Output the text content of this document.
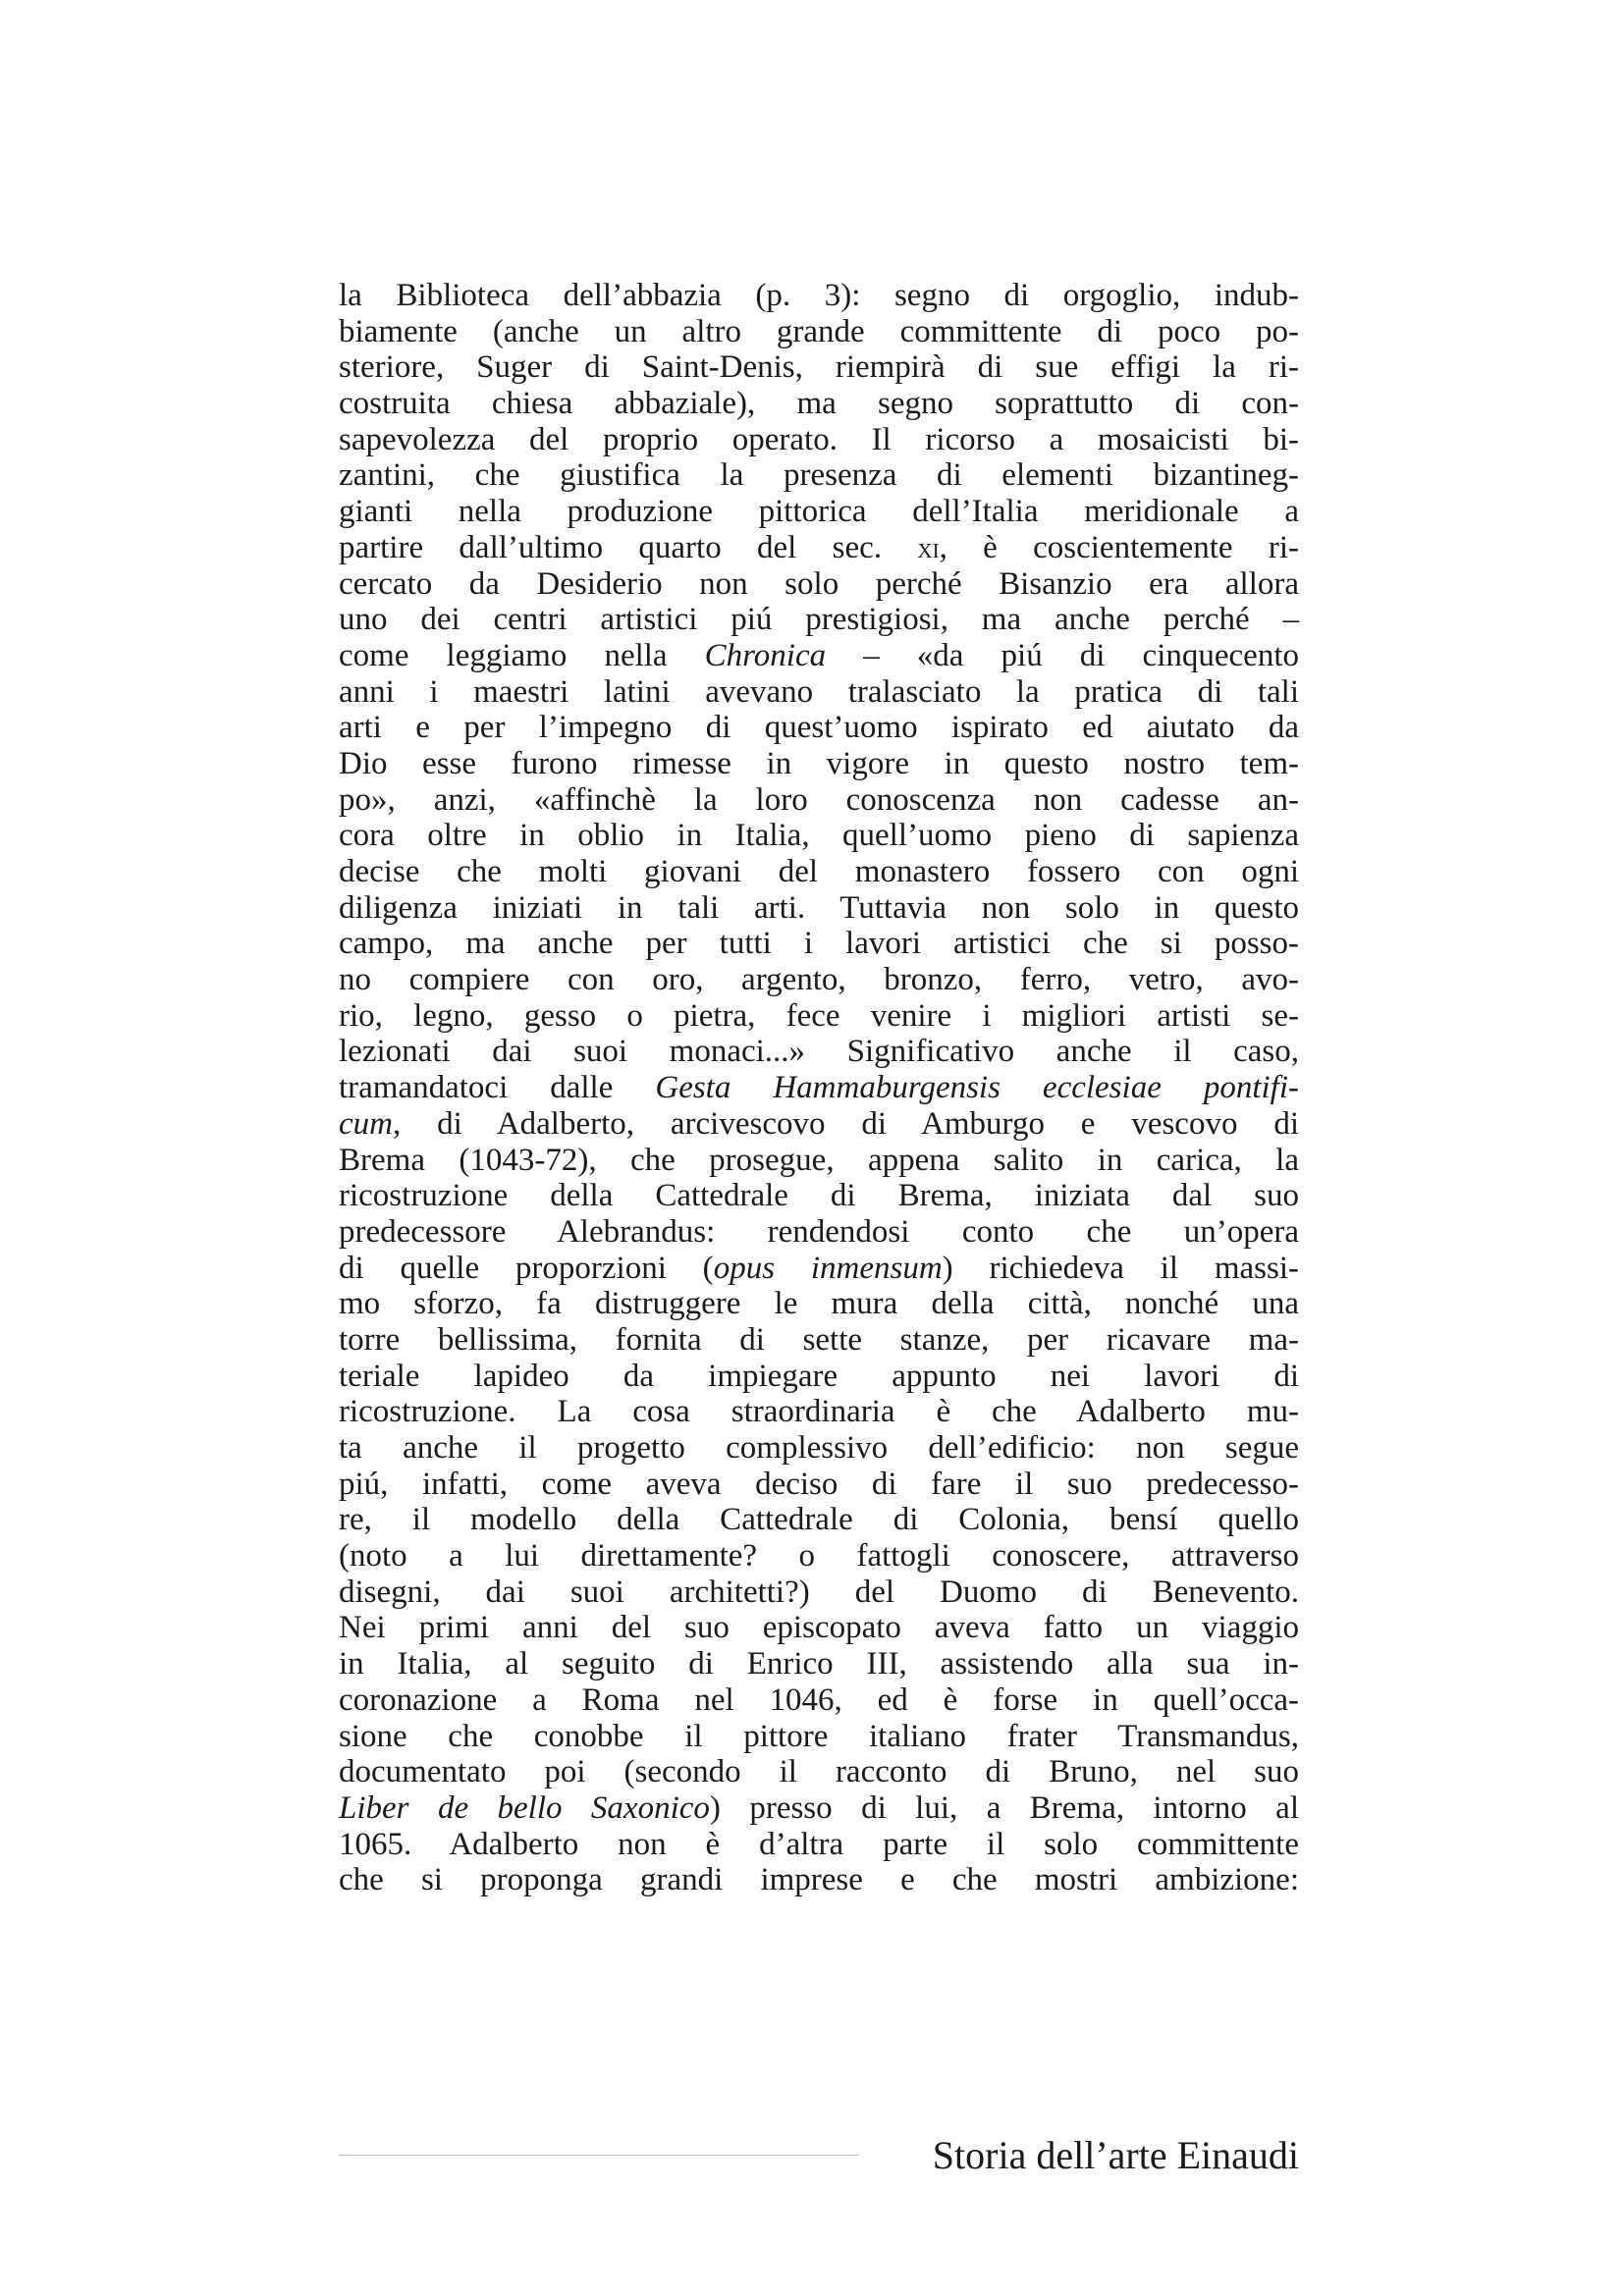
la Biblioteca dell’abbazia (p. 3): segno di orgoglio, indub-
biamente (anche un altro grande committente di poco po-
steriore, Suger di Saint-Denis, riempirà di sue effigi la ri-
costruita chiesa abbaziale), ma segno soprattutto di con-
sapevolezza del proprio operato. Il ricorso a mosaicisti bi-
zantini, che giustifica la presenza di elementi bizantineg-
gianti nella produzione pittorica dell’Italia meridionale a
partire dall’ultimo quarto del sec. xi, è coscientemente ri-
cercato da Desiderio non solo perché Bisanzio era allora
uno dei centri artistici piú prestigiosi, ma anche perché –
come leggiamo nella Chronica – «da piú di cinquecento
anni i maestri latini avevano tralasciato la pratica di tali
arti e per l’impegno di quest’uomo ispirato ed aiutato da
Dio esse furono rimesse in vigore in questo nostro tem-
po», anzi, «affinchè la loro conoscenza non cadesse an-
cora oltre in oblio in Italia, quell’uomo pieno di sapienza
decise che molti giovani del monastero fossero con ogni
diligenza iniziati in tali arti. Tuttavia non solo in questo
campo, ma anche per tutti i lavori artistici che si posso-
no compiere con oro, argento, bronzo, ferro, vetro, avo-
rio, legno, gesso o pietra, fece venire i migliori artisti se-
lezionati dai suoi monaci...» Significativo anche il caso,
tramandatoci dalle Gesta Hammaburgensis ecclesiae pontifi-
cum, di Adalberto, arcivescovo di Amburgo e vescovo di
Brema (1043-72), che prosegue, appena salito in carica, la
ricostruzione della Cattedrale di Brema, iniziata dal suo
predecessore Alebrandus: rendendosi conto che un’opera
di quelle proporzioni (opus inmensum) richiedeva il massi-
mo sforzo, fa distruggere le mura della città, nonché una
torre bellissima, fornita di sette stanze, per ricavare ma-
teriale lapideo da impiegare appunto nei lavori di
ricostruzione. La cosa straordinaria è che Adalberto mu-
ta anche il progetto complessivo dell’edificio: non segue
piú, infatti, come aveva deciso di fare il suo predecesso-
re, il modello della Cattedrale di Colonia, bensí quello
(noto a lui direttamente? o fattogli conoscere, attraverso
disegni, dai suoi architetti?) del Duomo di Benevento.
Nei primi anni del suo episcopato aveva fatto un viaggio
in Italia, al seguito di Enrico III, assistendo alla sua in-
coronazione a Roma nel 1046, ed è forse in quell’occa-
sione che conobbe il pittore italiano frater Transmandus,
documentato poi (secondo il racconto di Bruno, nel suo
Liber de bello Saxonico) presso di lui, a Brema, intorno al
1065. Adalberto non è d’altra parte il solo committente
che si proponga grandi imprese e che mostri ambizione:
Storia dell’arte Einaudi
